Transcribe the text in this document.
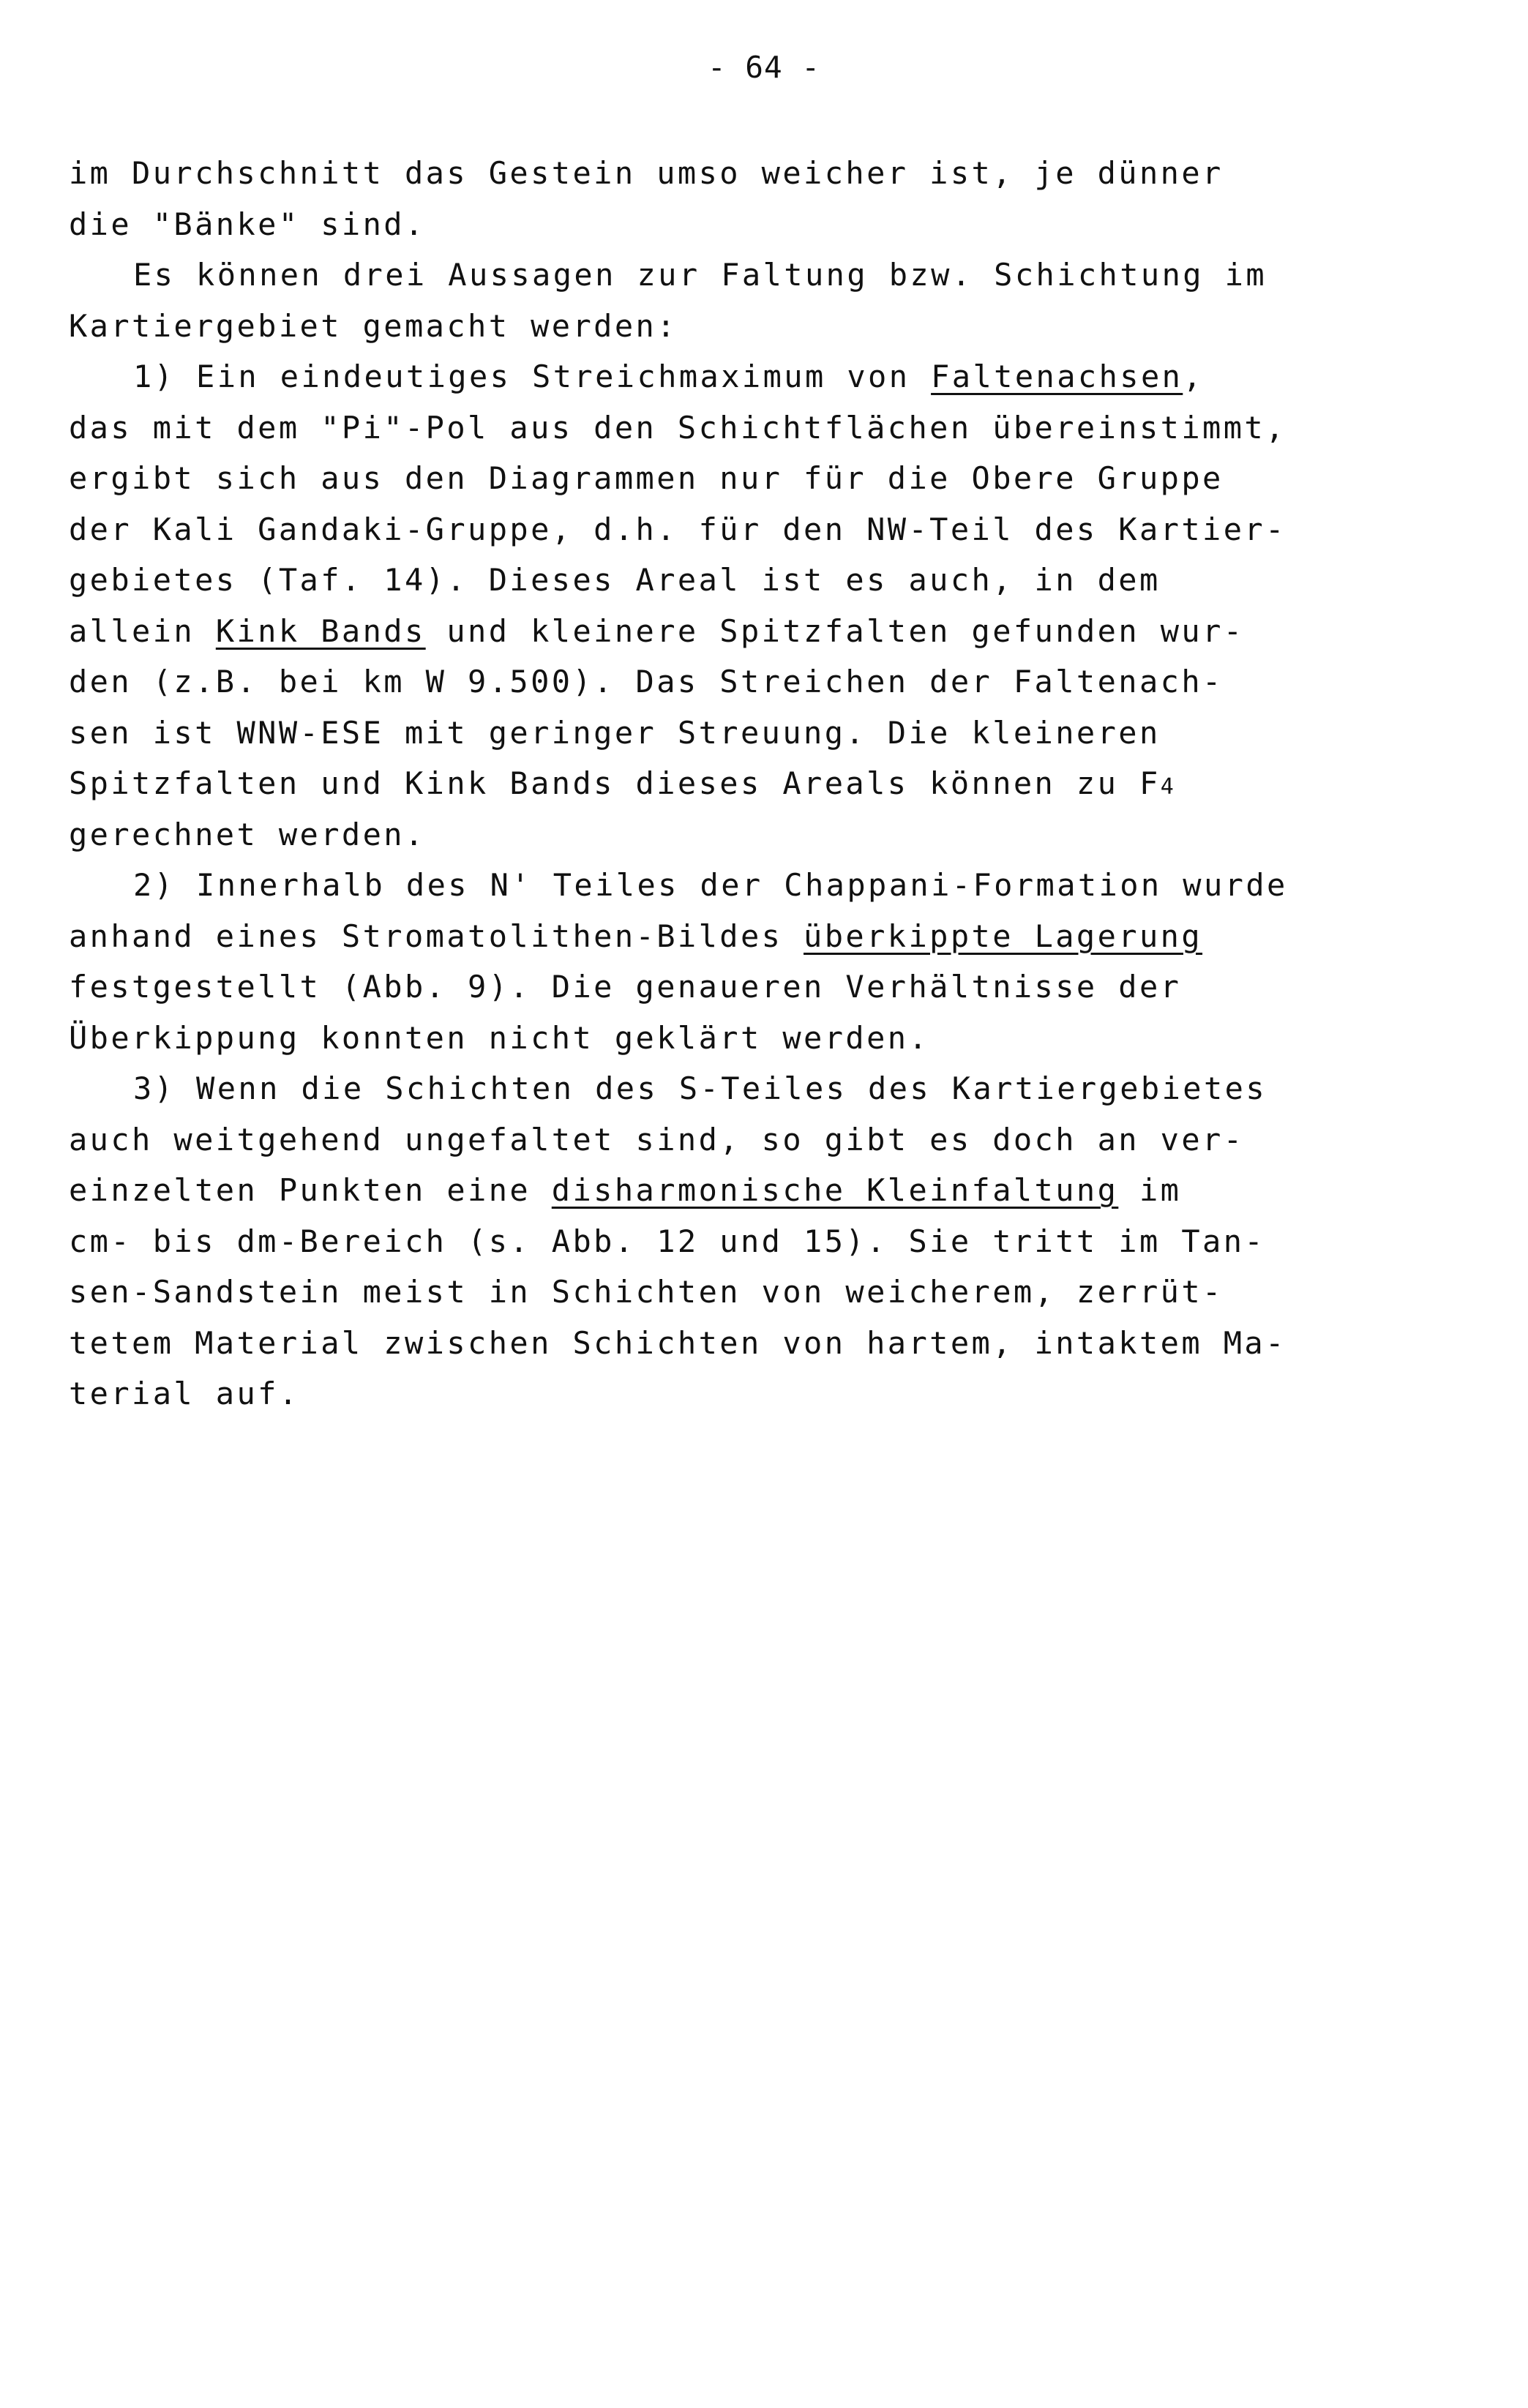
- 64 -
im Durchschnitt das Gestein umso weicher ist, je dünner
die "Bänke" sind.
Es können drei Aussagen zur Faltung bzw. Schichtung im
Kartiergebiet gemacht werden:
1) Ein eindeutiges Streichmaximum von Faltenachsen,
das mit dem "Pi"-Pol aus den Schichtflächen übereinstimmt,
ergibt sich aus den Diagrammen nur für die Obere Gruppe
der Kali Gandaki-Gruppe, d.h. für den NW-Teil des Kartier-
gebietes (Taf. 14). Dieses Areal ist es auch, in dem
allein Kink Bands und kleinere Spitzfalten gefunden wur-
den (z.B. bei km W 9.500). Das Streichen der Faltenach-
sen ist WNW-ESE mit geringer Streuung. Die kleineren
Spitzfalten und Kink Bands dieses Areals können zu F4
gerechnet werden.
2) Innerhalb des N' Teiles der Chappani-Formation wurde
anhand eines Stromatolithen-Bildes überkippte Lagerung
festgestellt (Abb. 9). Die genaueren Verhältnisse der
Überkippung konnten nicht geklärt werden.
3) Wenn die Schichten des S-Teiles des Kartiergebietes
auch weitgehend ungefaltet sind, so gibt es doch an ver-
einzelten Punkten eine disharmonische Kleinfaltung im
cm- bis dm-Bereich (s. Abb. 12 und 15). Sie tritt im Tan-
sen-Sandstein meist in Schichten von weicherem, zerrüt-
tetem Material zwischen Schichten von hartem, intaktem Ma-
terial auf.
